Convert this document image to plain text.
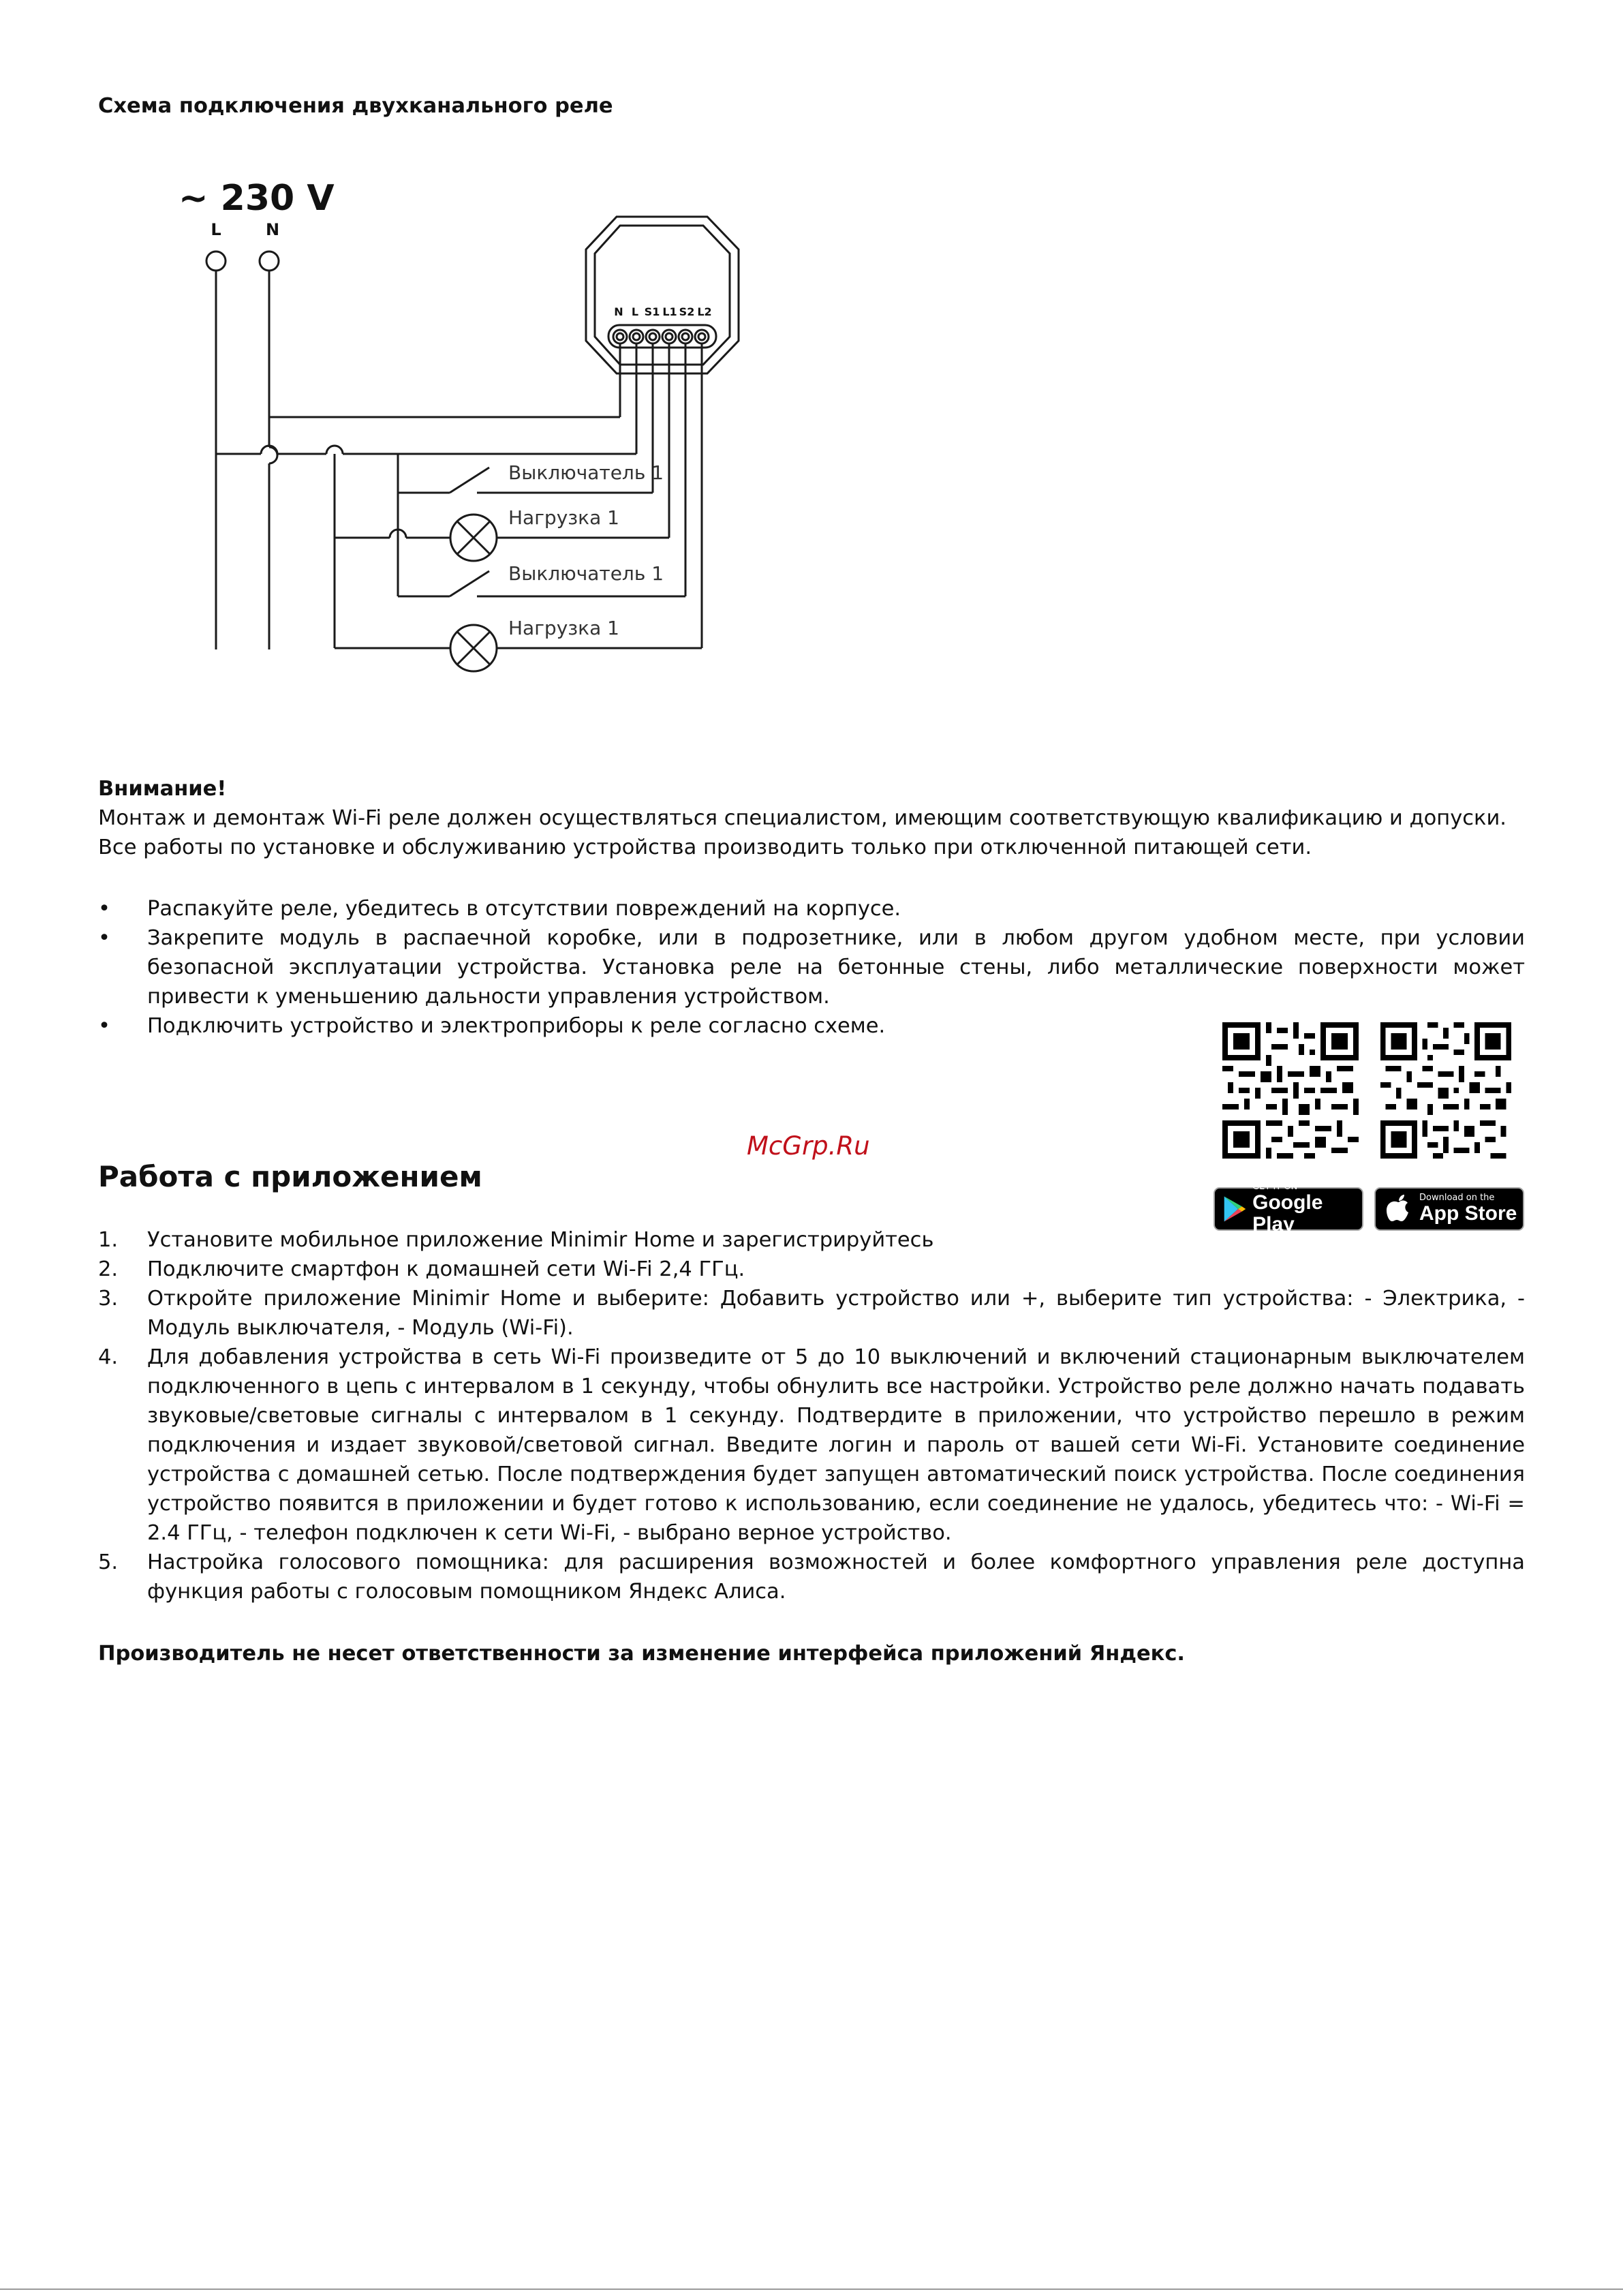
Схема подключения двухканального реле
~ 230 V
L	N
N L S1 L1 S2 L2
Выключатель 1
Нагрузка 1
Выключатель 1
Нагрузка 1

Внимание!

Монтаж и демонтаж Wi-Fi реле должен осуществляться специалистом, имеющим соответствующую квалификацию и допуски.

Все работы по установке и обслуживанию устройства производить только при отключенной питающей сети.

• Распакуйте реле, убедитесь в отсутствии повреждений на корпусе.
• Закрепите модуль в распаечной коробке, или в подрозетнике, или в любом другом удобном месте, при условии безопасной эксплуатации устройства. Установка реле на бетонные стены, либо металлические поверхности может привести к уменьшению дальности управления устройством.
• Подключить устройство и электроприборы к реле согласно схеме.
GET IT ON
Google Play
Download on the
App Store
McGrp.Ru
Работа с приложением
1. Установите мобильное приложение Minimir Home и зарегистрируйтесь
2. Подключите смартфон к домашней сети Wi-Fi 2,4 ГГц.
3. Откройте приложение Minimir Home и выберите: Добавить устройство или +, выберите тип устройства: - Электрика, - Модуль выключателя, - Модуль (Wi-Fi).
4. Для добавления устройства в сеть Wi-Fi произведите от 5 до 10 выключений и включений стационарным выключателем подключенного в цепь с интервалом в 1 секунду, чтобы обнулить все настройки. Устройство реле должно начать подавать звуковые/световые сигналы с интервалом в 1 секунду. Подтвердите в приложении, что устройство перешло в режим подключения и издает звуковой/световой сигнал. Введите логин и пароль от вашей сети Wi-Fi. Установите соединение устройства с домашней сетью. После подтверждения будет запущен автоматический поиск устройства. После соединения устройство появится в приложении и будет готово к использованию, если соединение не удалось, убедитесь что: - Wi-Fi = 2.4 ГГц, - телефон подключен к сети Wi-Fi, - выбрано верное устройство.
5. Настройка голосового помощника: для расширения возможностей и более комфортного управления реле доступна функция работы с голосовым помощником Яндекс Алиса.

Производитель не несет ответственности за изменение интерфейса приложений Яндекс.
